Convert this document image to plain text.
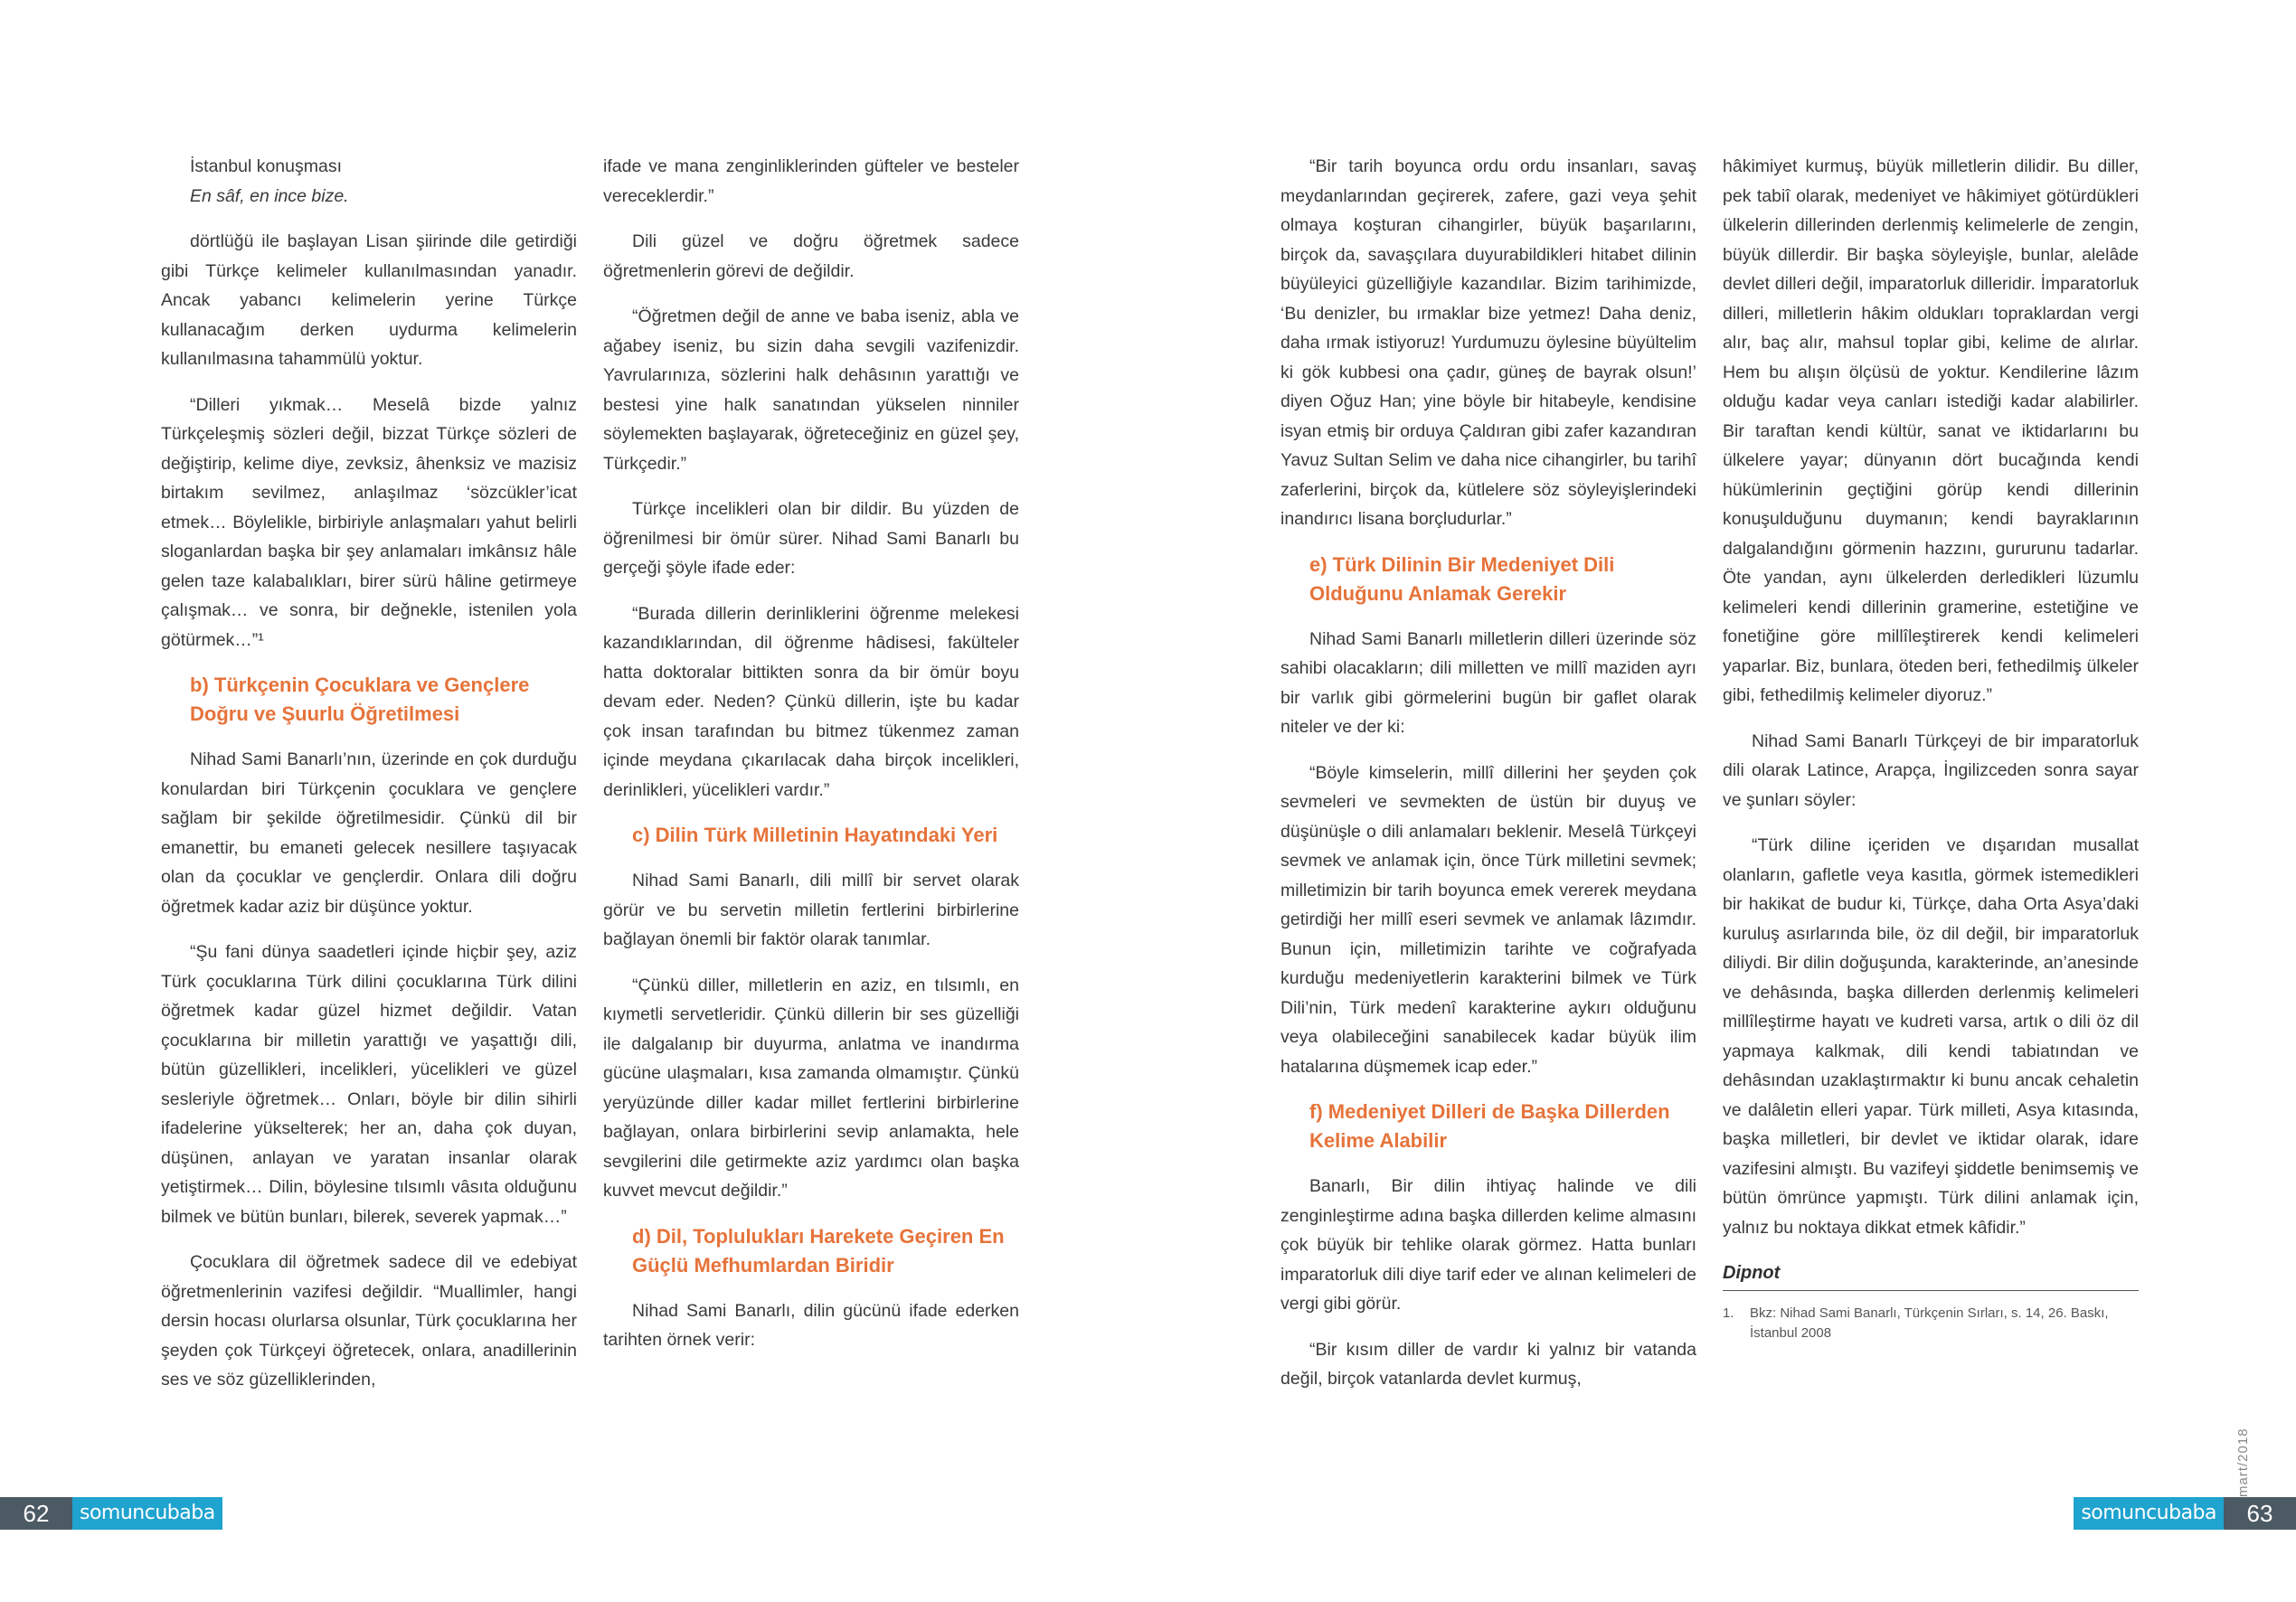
İstanbul konuşması

En sâf, en ince bize.

dörtlüğü ile başlayan Lisan şiirinde dile getirdiği gibi Türkçe kelimeler kullanılmasından yanadır. Ancak yabancı kelimelerin yerine Türkçe kullanacağım derken uydurma kelimelerin kullanılmasına tahammülü yoktur.

“Dilleri yıkmak… Meselâ bizde yalnız Türkçeleşmiş sözleri değil, bizzat Türkçe sözleri de değiştirip, kelime diye, zevksiz, âhenksiz ve mazisiz birtakım sevilmez, anlaşılmaz ‘sözcükler’icat etmek… Böylelikle, birbiriyle anlaşmaları yahut belirli sloganlardan başka bir şey anlamaları imkânsız hâle gelen taze kalabalıkları, birer sürü hâline getirmeye çalışmak… ve sonra, bir değnekle, istenilen yola götürmek…”¹

b) Türkçenin Çocuklara ve Gençlere Doğru ve Şuurlu Öğretilmesi

Nihad Sami Banarlı’nın, üzerinde en çok durduğu konulardan biri Türkçenin çocuklara ve gençlere sağlam bir şekilde öğretilmesidir. Çünkü dil bir emanettir, bu emaneti gelecek nesillere taşıyacak olan da çocuklar ve gençlerdir. Onlara dili doğru öğretmek kadar aziz bir düşünce yoktur.

“Şu fani dünya saadetleri içinde hiçbir şey, aziz Türk çocuklarına Türk dilini çocuklarına Türk dilini öğretmek kadar güzel hizmet değildir. Vatan çocuklarına bir milletin yarattığı ve yaşattığı dili, bütün güzellikleri, incelikleri, yücelikleri ve güzel sesleriyle öğretmek… Onları, böyle bir dilin sihirli ifadelerine yükselterek; her an, daha çok duyan, düşünen, anlayan ve yaratan insanlar olarak yetiştirmek… Dilin, böylesine tılsımlı vâsıta olduğunu bilmek ve bütün bunları, bilerek, severek yapmak…”

Çocuklara dil öğretmek sadece dil ve edebiyat öğretmenlerinin vazifesi değildir. “Muallimler, hangi dersin hocası olurlarsa olsunlar, Türk çocuklarına her şeyden çok Türkçeyi öğretecek, onlara, anadillerinin ses ve söz güzelliklerinden,

ifade ve mana zenginliklerinden güfteler ve besteler vereceklerdir.”

Dili güzel ve doğru öğretmek sadece öğretmenlerin görevi de değildir.

“Öğretmen değil de anne ve baba iseniz, abla ve ağabey iseniz, bu sizin daha sevgili vazifenizdir. Yavrularınıza, sözlerini halk dehâsının yarattığı ve bestesi yine halk sanatından yükselen ninniler söylemekten başlayarak, öğreteceğiniz en güzel şey, Türkçedir.”

Türkçe incelikleri olan bir dildir. Bu yüzden de öğrenilmesi bir ömür sürer. Nihad Sami Banarlı bu gerçeği şöyle ifade eder:

“Burada dillerin derinliklerini öğrenme melekesi kazandıklarından, dil öğrenme hâdisesi, fakülteler hatta doktoralar bittikten sonra da bir ömür boyu devam eder. Neden? Çünkü dillerin, işte bu kadar çok insan tarafından bu bitmez tükenmez zaman içinde meydana çıkarılacak daha birçok incelikleri, derinlikleri, yücelikleri vardır.”

c) Dilin Türk Milletinin Hayatındaki Yeri

Nihad Sami Banarlı, dili millî bir servet olarak görür ve bu servetin milletin fertlerini birbirlerine bağlayan önemli bir faktör olarak tanımlar.

“Çünkü diller, milletlerin en aziz, en tılsımlı, en kıymetli servetleridir. Çünkü dillerin bir ses güzelliği ile dalgalanıp bir duyurma, anlatma ve inandırma gücüne ulaşmaları, kısa zamanda olmamıştır. Çünkü yeryüzünde diller kadar millet fertlerini birbirlerine bağlayan, onlara birbirlerini sevip anlamakta, hele sevgilerini dile getirmekte aziz yardımcı olan başka kuvvet mevcut değildir.”

d) Dil, Toplulukları Harekete Geçiren En Güçlü Mefhumlardan Biridir

Nihad Sami Banarlı, dilin gücünü ifade ederken tarihten örnek verir:

“Bir tarih boyunca ordu ordu insanları, savaş meydanlarından geçirerek, zafere, gazi veya şehit olmaya koşturan cihangirler, büyük başarılarını, birçok da, savaşçılara duyurabildikleri hitabet dilinin büyüleyici güzelliğiyle kazandılar. Bizim tarihimizde, ‘Bu denizler, bu ırmaklar bize yetmez! Daha deniz, daha ırmak istiyoruz! Yurdumuzu öylesine büyültelim ki gök kubbesi ona çadır, güneş de bayrak olsun!’ diyen Oğuz Han; yine böyle bir hitabeyle, kendisine isyan etmiş bir orduya Çaldıran gibi zafer kazandıran Yavuz Sultan Selim ve daha nice cihangirler, bu tarihî zaferlerini, birçok da, kütlelere söz söyleyişlerindeki inandırıcı lisana borçludurlar.”

e) Türk Dilinin Bir Medeniyet Dili Olduğunu Anlamak Gerekir

Nihad Sami Banarlı milletlerin dilleri üzerinde söz sahibi olacakların; dili milletten ve millî maziden ayrı bir varlık gibi görmelerini bugün bir gaflet olarak niteler ve der ki:

“Böyle kimselerin, millî dillerini her şeyden çok sevmeleri ve sevmekten de üstün bir duyuş ve düşünüşle o dili anlamaları beklenir. Meselâ Türkçeyi sevmek ve anlamak için, önce Türk milletini sevmek; milletimizin bir tarih boyunca emek vererek meydana getirdiği her millî eseri sevmek ve anlamak lâzımdır. Bunun için, milletimizin tarihte ve coğrafyada kurduğu medeniyetlerin karakterini bilmek ve Türk Dili’nin, Türk medenî karakterine aykırı olduğunu veya olabileceğini sanabilecek kadar büyük ilim hatalarına düşmemek icap eder.”

f) Medeniyet Dilleri de Başka Dillerden Kelime Alabilir

Banarlı, Bir dilin ihtiyaç halinde ve dili zenginleştirme adına başka dillerden kelime almasını çok büyük bir tehlike olarak görmez. Hatta bunları imparatorluk dili diye tarif eder ve alınan kelimeleri de vergi gibi görür.

“Bir kısım diller de vardır ki yalnız bir vatanda değil, birçok vatanlarda devlet kurmuş,

hâkimiyet kurmuş, büyük milletlerin dilidir. Bu diller, pek tabiî olarak, medeniyet ve hâkimiyet götürdükleri ülkelerin dillerinden derlenmiş kelimelerle de zengin, büyük dillerdir. Bir başka söyleyişle, bunlar, alelâde devlet dilleri değil, imparatorluk dilleridir. İmparatorluk dilleri, milletlerin hâkim oldukları topraklardan vergi alır, baç alır, mahsul toplar gibi, kelime de alırlar. Hem bu alışın ölçüsü de yoktur. Kendilerine lâzım olduğu kadar veya canları istediği kadar alabilirler. Bir taraftan kendi kültür, sanat ve iktidarlarını bu ülkelere yayar; dünyanın dört bucağında kendi hükümlerinin geçtiğini görüp kendi dillerinin konuşulduğunu duymanın; kendi bayraklarının dalgalandığını görmenin hazzını, gururunu tadarlar. Öte yandan, aynı ülkelerden derledikleri lüzumlu kelimeleri kendi dillerinin gramerine, estetiğine ve fonetiğine göre millîleştirerek kendi kelimeleri yaparlar. Biz, bunlara, öteden beri, fethedilmiş ülkeler gibi, fethedilmiş kelimeler diyoruz.”

Nihad Sami Banarlı Türkçeyi de bir imparatorluk dili olarak Latince, Arapça, İngilizceden sonra sayar ve şunları söyler:

“Türk diline içeriden ve dışarıdan musallat olanların, gafletle veya kasıtla, görmek istemedikleri bir hakikat de budur ki, Türkçe, daha Orta Asya’daki kuruluş asırlarında bile, öz dil değil, bir imparatorluk diliydi. Bir dilin doğuşunda, karakterinde, an’anesinde ve dehâsında, başka dillerden derlenmiş kelimeleri millîleştirme hayatı ve kudreti varsa, artık o dili öz dil yapmaya kalkmak, dili kendi tabiatından ve dehâsından uzaklaştırmaktır ki bunu ancak cehaletin ve dalâletin elleri yapar. Türk milleti, Asya kıtasında, başka milletleri, bir devlet ve iktidar olarak, idare vazifesini almıştı. Bu vazifeyi şiddetle benimsemiş ve bütün ömrünce yapmıştı. Türk dilini anlamak için, yalnız bu noktaya dikkat etmek kâfidir.”

Dipnot
1.	Bkz: Nihad Sami Banarlı, Türkçenin Sırları, s. 14, 26. Baskı, İstanbul 2008
62	somuncubaba
mart/2018
somuncubaba	63
